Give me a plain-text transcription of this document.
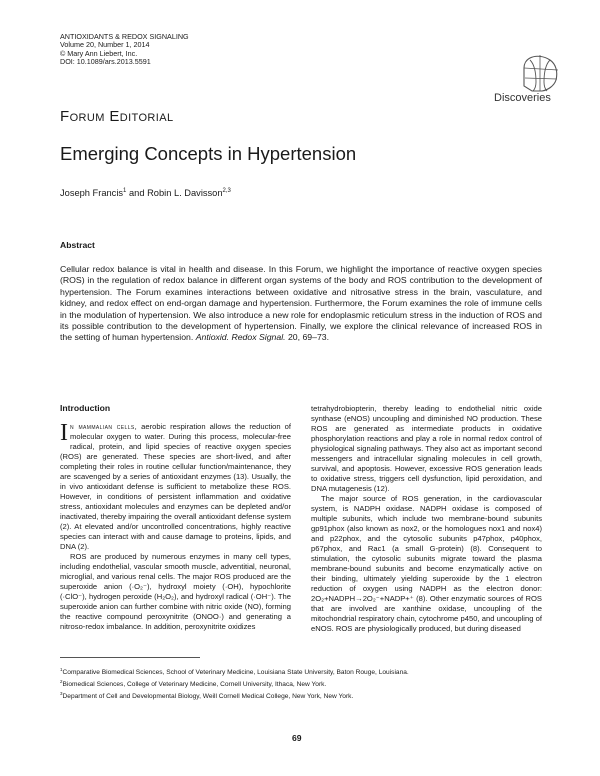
ANTIOXIDANTS & REDOX SIGNALING
Volume 20, Number 1, 2014
© Mary Ann Liebert, Inc.
DOI: 10.1089/ars.2013.5591
Discoveries
Forum Editorial
Emerging Concepts in Hypertension
Joseph Francis$^1$ and Robin L. Davisson$^{2,3}$
Abstract

Cellular redox balance is vital in health and disease. In this Forum, we highlight the importance of reactive oxygen species (ROS) in the regulation of redox balance in different organ systems of the body and ROS contribution to the development of hypertension. The Forum examines interactions between oxidative and nitrosative stress in the brain, vasculature, and kidney, and redox effect on end-organ damage and hypertension. Furthermore, the Forum examines the role of immune cells in the modulation of hypertension. We also introduce a new role for endoplasmic reticulum stress in the induction of ROS and its possible contribution to the development of hypertension. Finally, we explore the clinical relevance of increased ROS in the setting of human hypertension. Antioxid. Redox Signal. 20, 69–73.

Introduction

In mammalian cells, aerobic respiration allows the reduction of molecular oxygen to water. During this process, molecular-free radical, protein, and lipid species of reactive oxygen species (ROS) are generated. These species are short-lived, and after completing their roles in routine cellular function/maintenance, they are scavenged by a series of antioxidant enzymes (13). Usually, the in vivo antioxidant defense is sufficient to metabolize these ROS. However, in conditions of persistent inflammation and oxidative stress, antioxidant molecules and enzymes can be depleted and/or inactivated, thereby impairing the overall antioxidant defense system (2). At elevated and/or uncontrolled concentrations, highly reactive species can interact with and cause damage to proteins, lipids, and DNA (2).

ROS are produced by numerous enzymes in many cell types, including endothelial, vascular smooth muscle, adventitial, neuronal, microglial, and various renal cells. The major ROS produced are the superoxide anion (·O₂⁻), hydroxyl moiety (·OH), hypochlorite (·ClO⁻), hydrogen peroxide (H₂O₂), and hydroxyl radical (·OH⁻). The superoxide anion can further combine with nitric oxide (NO), forming the reactive compound peroxynitrite (ONOO·) and generating a nitroso-redox imbalance. In addition, peroxynitrite oxidizes

tetrahydrobiopterin, thereby leading to endothelial nitric oxide synthase (eNOS) uncoupling and diminished NO production. These ROS are generated as intermediate products in oxidative phosphorylation reactions and play a role in normal redox control of physiological signaling pathways. They also act as important second messengers and intracellular signaling molecules in cell growth, survival, and apoptosis. However, excessive ROS generation leads to oxidative stress, triggers cell dysfunction, lipid peroxidation, and DNA mutagenesis (12).

The major source of ROS generation, in the cardiovascular system, is NADPH oxidase. NADPH oxidase is composed of multiple subunits, which include two membrane-bound subunits gp91phox (also known as nox2, or the homologues nox1 and nox4) and p22phox, and the cytosolic subunits p47phox, p40phox, p67phox, and Rac1 (a small G-protein) (8). Consequent to stimulation, the cytosolic subunits migrate toward the plasma membrane-bound subunits and become enzymatically active on their binding, ultimately yielding superoxide by the 1 electron reduction of oxygen using NADPH as the electron donor: 2O₂+NADPH→2O₂⁻+NADP+⁺ (8). Other enzymatic sources of ROS that are involved are xanthine oxidase, uncoupling of the mitochondrial respiratory chain, cytochrome p450, and uncoupling of eNOS. ROS are physiologically produced, but during diseased

$^1$Comparative Biomedical Sciences, School of Veterinary Medicine, Louisiana State University, Baton Rouge, Louisiana.
$^2$Biomedical Sciences, College of Veterinary Medicine, Cornell University, Ithaca, New York.
$^3$Department of Cell and Developmental Biology, Weill Cornell Medical College, New York, New York.
69
